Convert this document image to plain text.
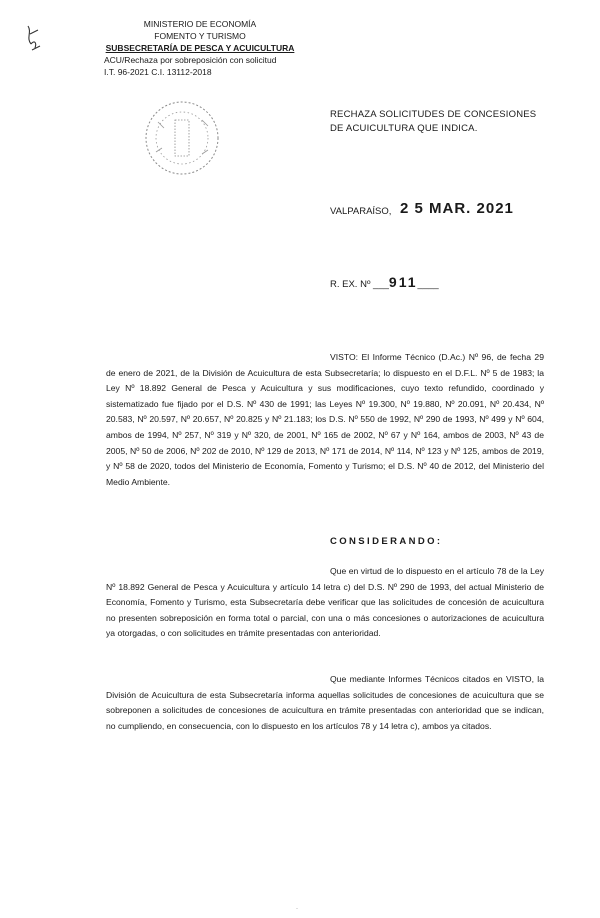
MINISTERIO DE ECONOMÍA
FOMENTO Y TURISMO
SUBSECRETARÍA DE PESCA Y ACUICULTURA
ACU/Rechaza por sobreposición con solicitud
I.T. 96-2021 C.I. 13112-2018
RECHAZA SOLICITUDES DE CONCESIONES DE ACUICULTURA QUE INDICA.
VALPARAÍSO, 2 5 MAR. 2021
R. EX. Nº ___911____

VISTO: El Informe Técnico (D.Ac.) Nº 96, de fecha 29 de enero de 2021, de la División de Acuicultura de esta Subsecretaría; lo dispuesto en el D.F.L. Nº 5 de 1983; la Ley Nº 18.892 General de Pesca y Acuicultura y sus modificaciones, cuyo texto refundido, coordinado y sistematizado fue fijado por el D.S. Nº 430 de 1991; las Leyes Nº 19.300, Nº 19.880, Nº 20.091, Nº 20.434, Nº 20.583, Nº 20.597, Nº 20.657, Nº 20.825 y Nº 21.183; los D.S. Nº 550 de 1992, Nº 290 de 1993, Nº 499 y Nº 604, ambos de 1994, Nº 257, Nº 319 y Nº 320, de 2001, Nº 165 de 2002, Nº 67 y Nº 164, ambos de 2003, Nº 43 de 2005, Nº 50 de 2006, Nº 202 de 2010, Nº 129 de 2013, Nº 171 de 2014, Nº 114, Nº 123 y Nº 125, ambos de 2019, y Nº 58 de 2020, todos del Ministerio de Economía, Fomento y Turismo; el D.S. Nº 40 de 2012, del Ministerio del Medio Ambiente.

CONSIDERANDO:

Que en virtud de lo dispuesto en el artículo 78 de la Ley Nº 18.892 General de Pesca y Acuicultura y artículo 14 letra c) del D.S. Nº 290 de 1993, del actual Ministerio de Economía, Fomento y Turismo, esta Subsecretaría debe verificar que las solicitudes de concesión de acuicultura no presenten sobreposición en forma total o parcial, con una o más concesiones o autorizaciones de acuicultura ya otorgadas, o con solicitudes en trámite presentadas con anterioridad.

Que mediante Informes Técnicos citados en VISTO, la División de Acuicultura de esta Subsecretaría informa aquellas solicitudes de concesiones de acuicultura que se sobreponen a solicitudes de concesiones de acuicultura en trámite presentadas con anterioridad que se indican, no cumpliendo, en consecuencia, con lo dispuesto en los artículos 78 y 14 letra c), ambos ya citados.

·
